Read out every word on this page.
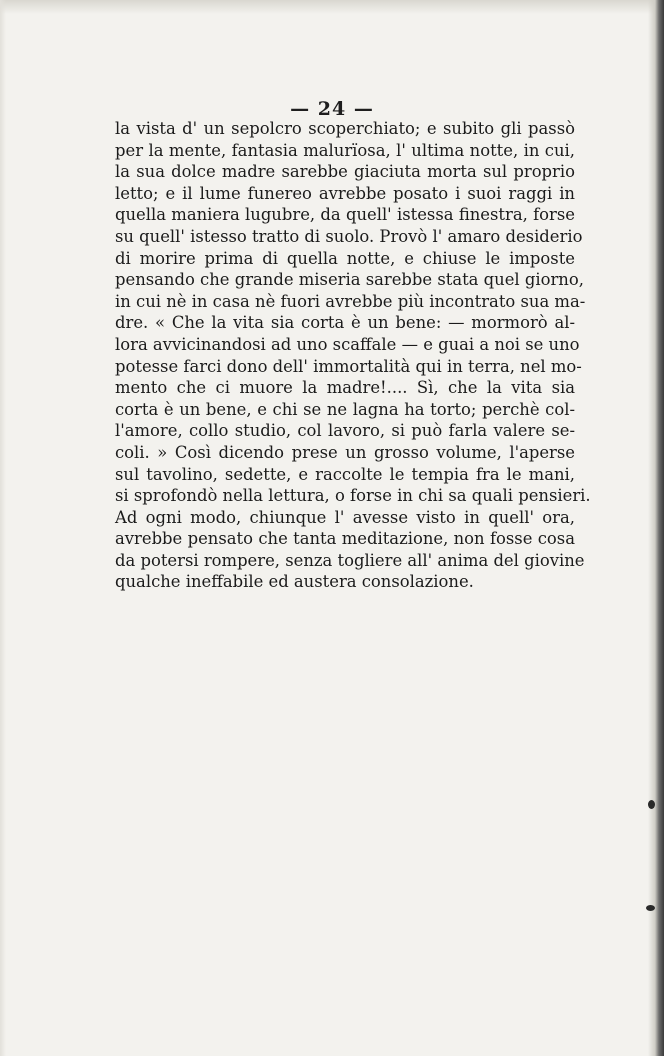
— 24 —
la vista d' un sepolcro scoperchiato; e subito gli passò
per la mente, fantasia malurïosa, l' ultima notte, in cui,
la sua dolce madre sarebbe giaciuta morta sul proprio
letto; e il lume funereo avrebbe posato i suoi raggi in
quella maniera lugubre, da quell' istessa finestra, forse
su quell' istesso tratto di suolo. Provò l' amaro desiderio
di morire prima di quella notte, e chiuse le imposte
pensando che grande miseria sarebbe stata quel giorno,
in cui nè in casa nè fuori avrebbe più incontrato sua ma-
dre. « Che la vita sia corta è un bene: — mormorò al-
lora avvicinandosi ad uno scaffale — e guai a noi se uno
potesse farci dono dell' immortalità qui in terra, nel mo-
mento che ci muore la madre!.... Sì, che la vita sia
corta è un bene, e chi se ne lagna ha torto; perchè col-
l'amore, collo studio, col lavoro, si può farla valere se-
coli. » Così dicendo prese un grosso volume, l'aperse
sul tavolino, sedette, e raccolte le tempia fra le mani,
si sprofondò nella lettura, o forse in chi sa quali pensieri.
Ad ogni modo, chiunque l' avesse visto in quell' ora,
avrebbe pensato che tanta meditazione, non fosse cosa
da potersi rompere, senza togliere all' anima del giovine
qualche ineffabile ed austera consolazione.
